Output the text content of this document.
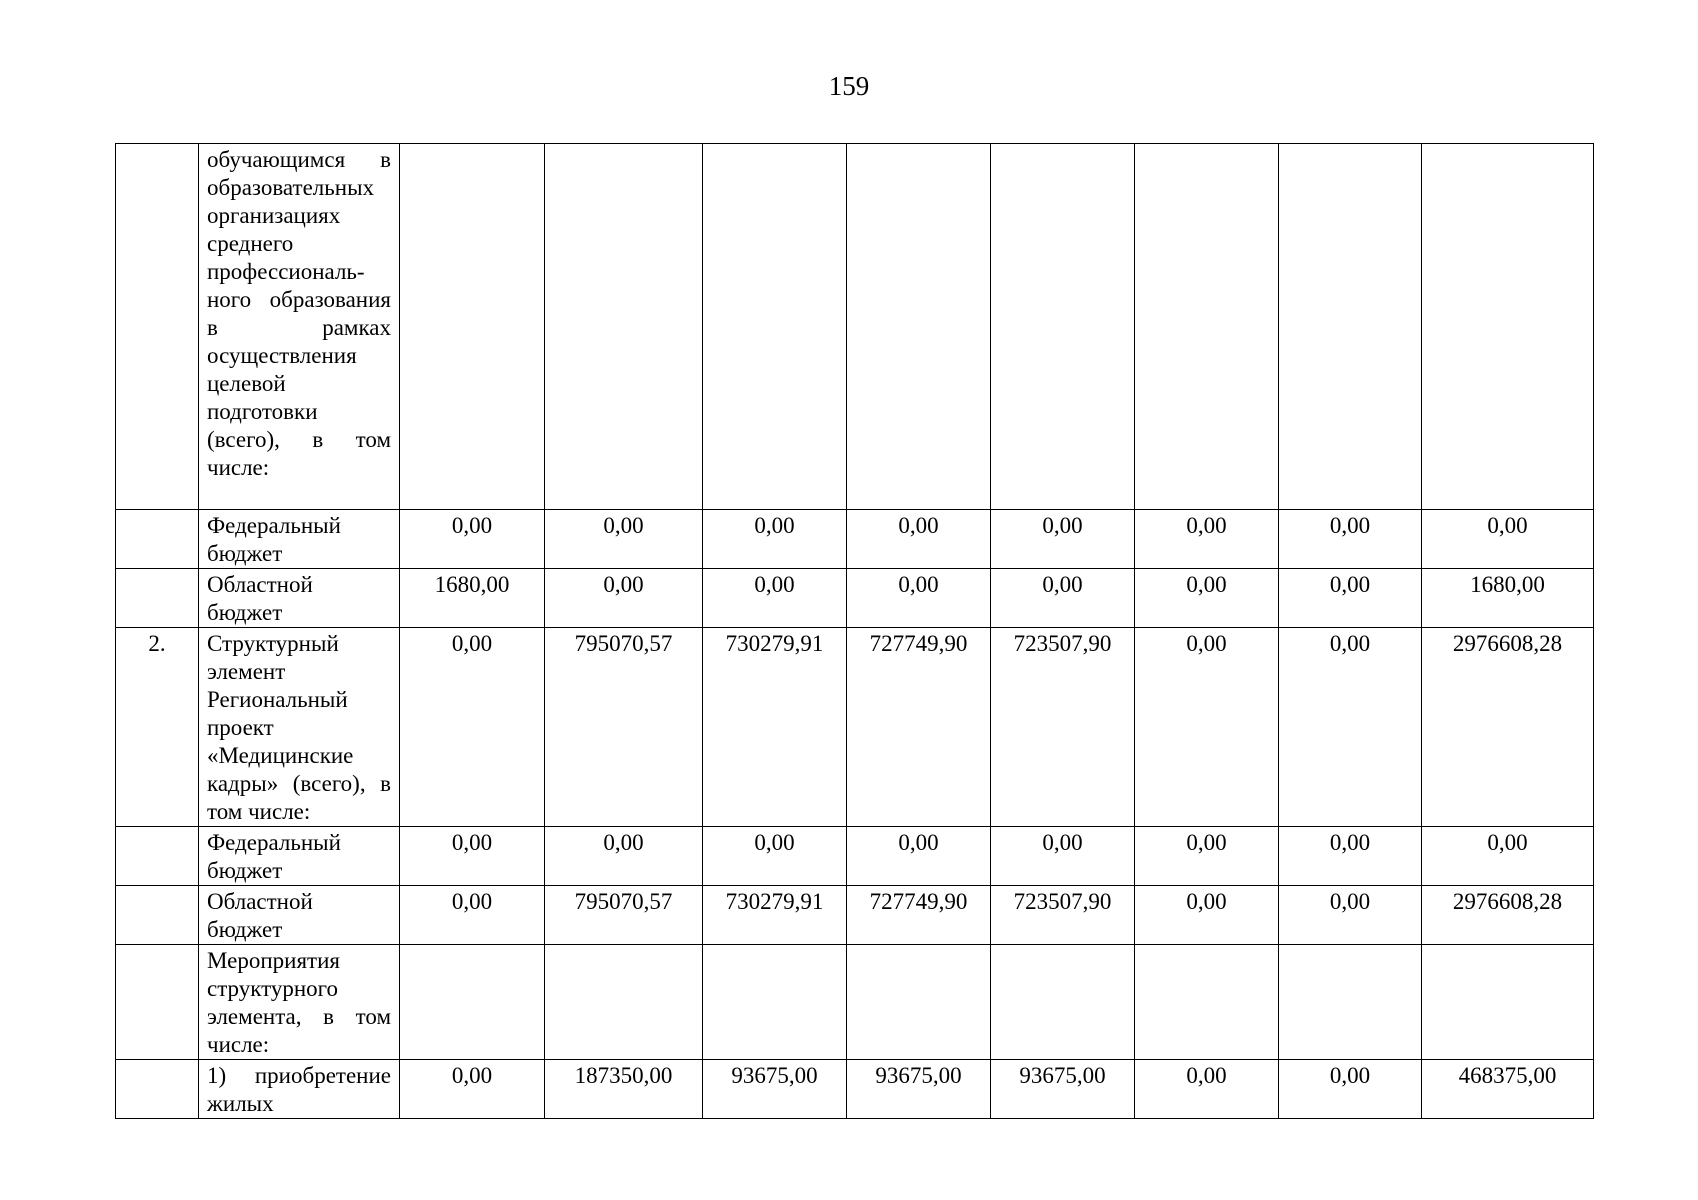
159
	обучающимся в образовательных организациях среднего профессиональ-ного образования в рамках осуществления целевой подготовки (всего), в том числе:								
	Федеральный бюджет	0,00	0,00	0,00	0,00	0,00	0,00	0,00	0,00
	Областной бюджет	1680,00	0,00	0,00	0,00	0,00	0,00	0,00	1680,00
2.	Структурный элемент Региональный проект «Медицинские кадры» (всего), в том числе:	0,00	795070,57	730279,91	727749,90	723507,90	0,00	0,00	2976608,28
	Федеральный бюджет	0,00	0,00	0,00	0,00	0,00	0,00	0,00	0,00
	Областной бюджет	0,00	795070,57	730279,91	727749,90	723507,90	0,00	0,00	2976608,28
	Мероприятия структурного элемента, в том числе:								
	1) приобретение жилых	0,00	187350,00	93675,00	93675,00	93675,00	0,00	0,00	468375,00
